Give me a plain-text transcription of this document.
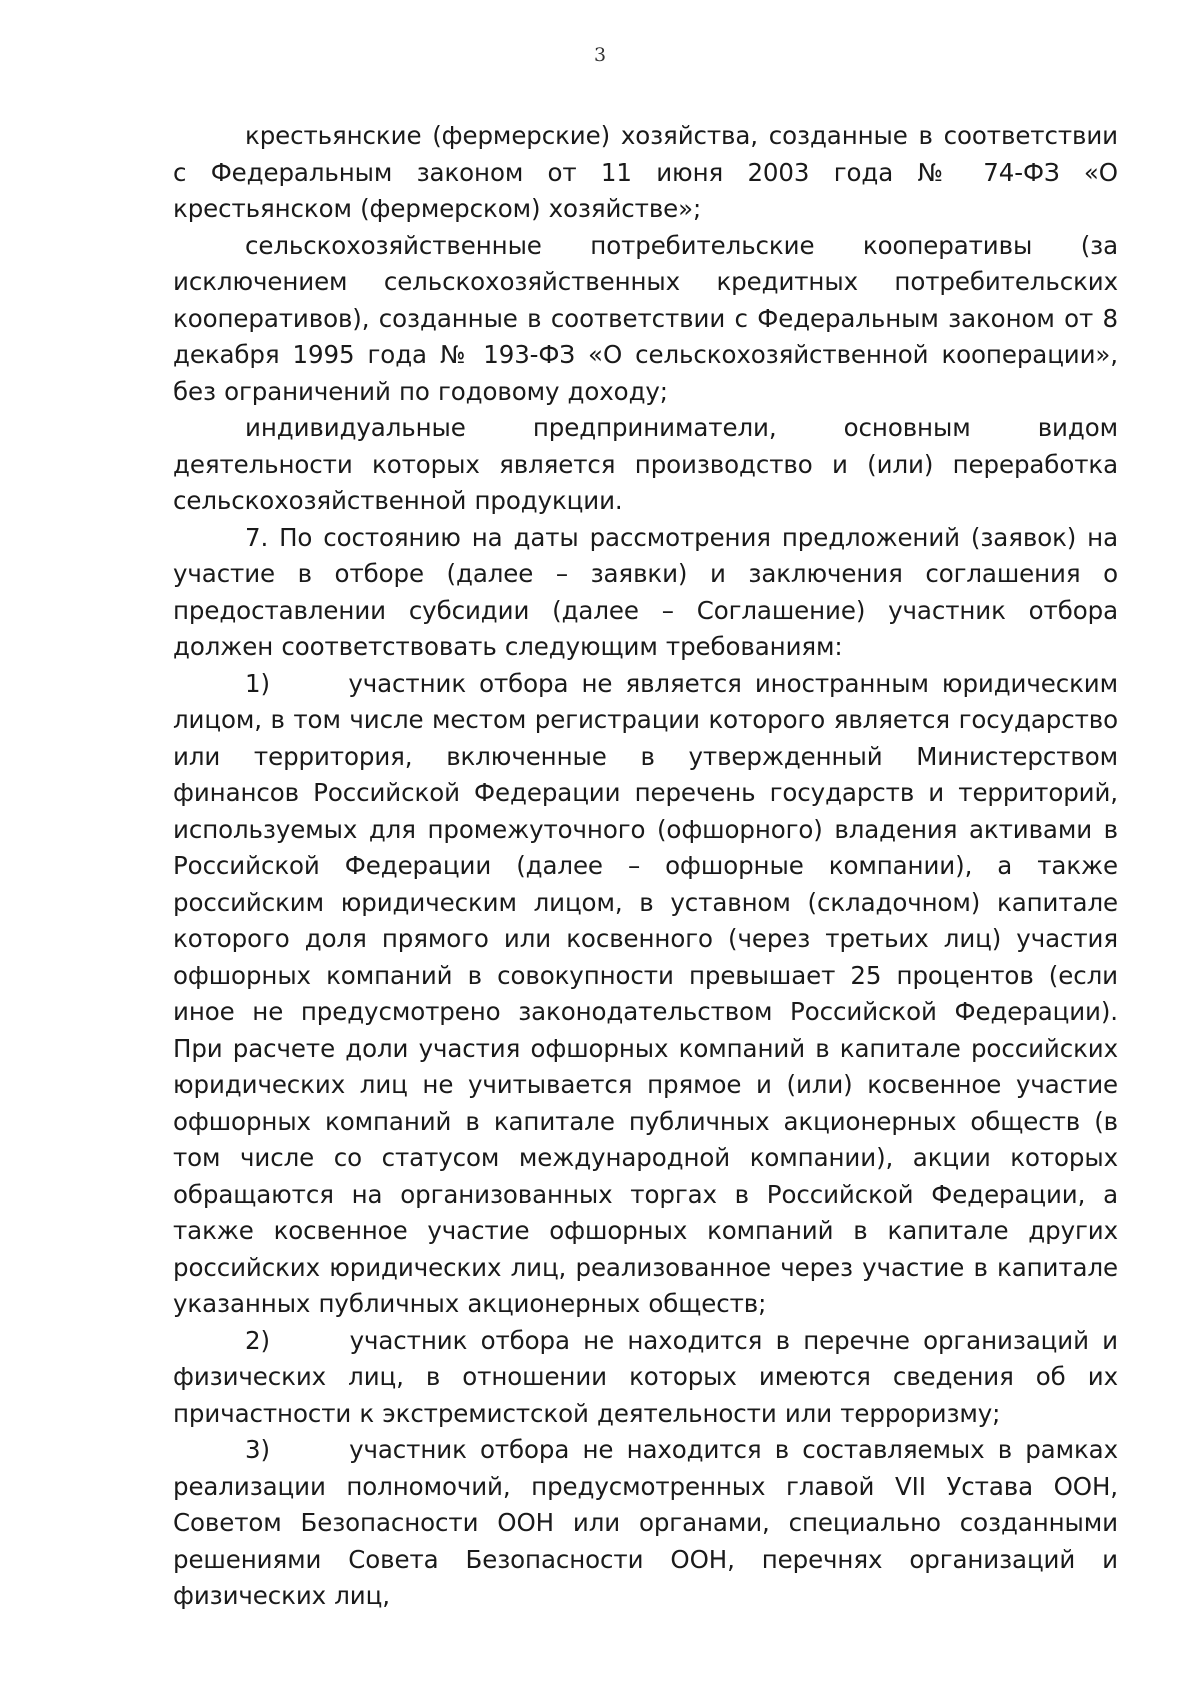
3

крестьянские (фермерские) хозяйства, созданные в соответствии с Федеральным законом от 11 июня 2003 года № 74-ФЗ «О крестьянском (фермерском) хозяйстве»;

сельскохозяйственные потребительские кооперативы (за исключением сельскохозяйственных кредитных потребительских кооперативов), созданные в соответствии с Федеральным законом от 8 декабря 1995 года № 193-ФЗ «О сельскохозяйственной кооперации», без ограничений по годовому доходу;

индивидуальные предприниматели, основным видом деятельности которых является производство и (или) переработка сельскохозяйственной продукции.

7. По состоянию на даты рассмотрения предложений (заявок) на участие в отборе (далее – заявки) и заключения соглашения о предоставлении субсидии (далее – Соглашение) участник отбора должен соответствовать следующим требованиям:

1)      участник отбора не является иностранным юридическим лицом, в том числе местом регистрации которого является государство или территория, включенные в утвержденный Министерством финансов Российской Федерации перечень государств и территорий, используемых для промежуточного (офшорного) владения активами в Российской Федерации (далее – офшорные компании), а также российским юридическим лицом, в уставном (складочном) капитале которого доля прямого или косвенного (через третьих лиц) участия офшорных компаний в совокупности превышает 25 процентов (если иное не предусмотрено законодательством Российской Федерации). При расчете доли участия офшорных компаний в капитале российских юридических лиц не учитывается прямое и (или) косвенное участие офшорных компаний в капитале публичных акционерных обществ (в том числе со статусом международной компании), акции которых обращаются на организованных торгах в Российской Федерации, а также косвенное участие офшорных компаний в капитале других российских юридических лиц, реализованное через участие в капитале указанных публичных акционерных обществ;

2)      участник отбора не находится в перечне организаций и физических лиц, в отношении которых имеются сведения об их причастности к экстремистской деятельности или терроризму;

3)      участник отбора не находится в составляемых в рамках реализации полномочий, предусмотренных главой VII Устава ООН, Советом Безопасности ООН или органами, специально созданными решениями Совета Безопасности ООН, перечнях организаций и физических лиц,
